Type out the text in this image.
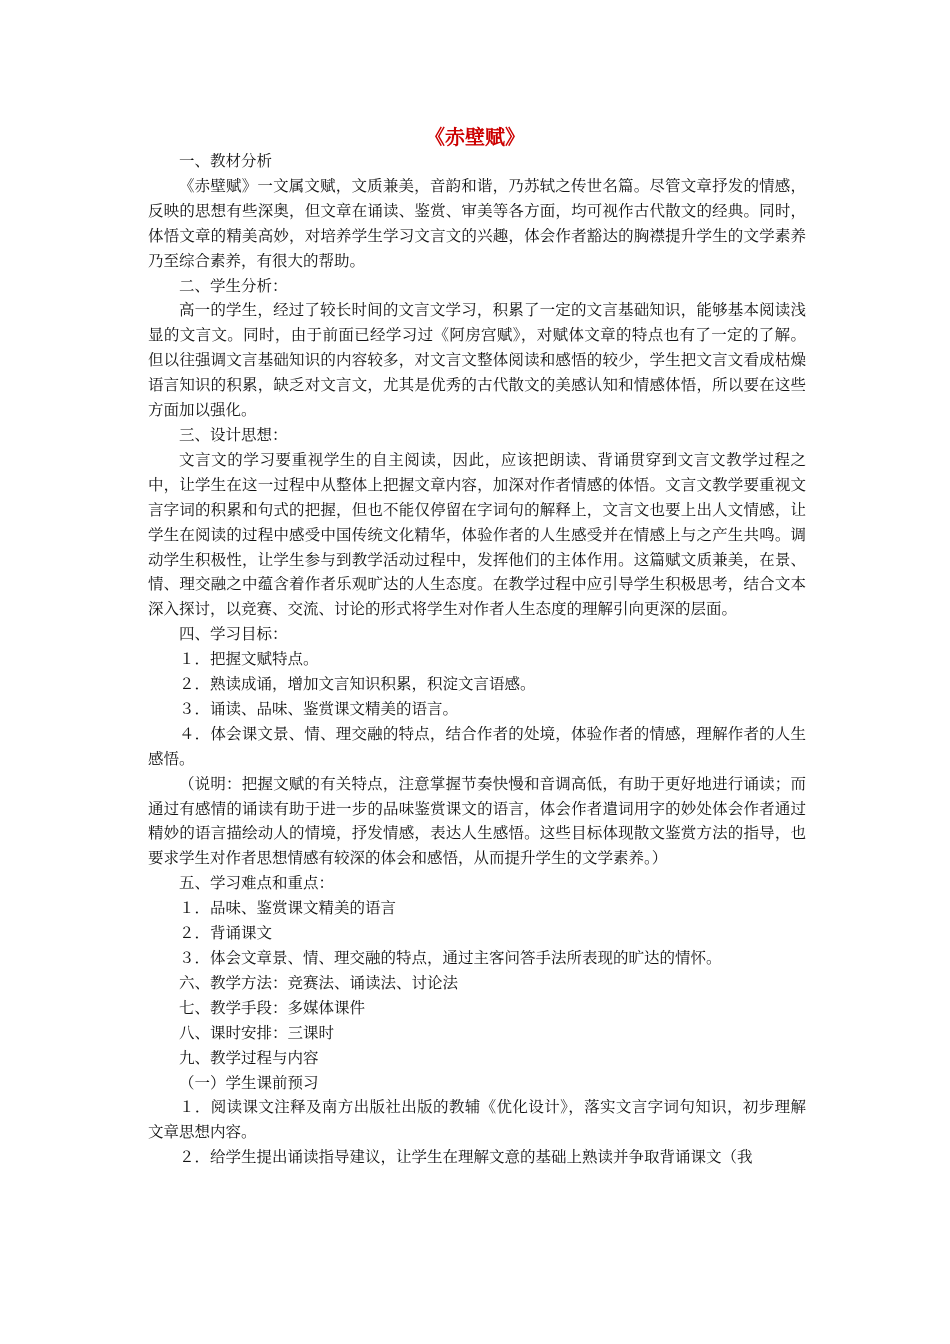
《赤壁赋》

一、教材分析

《赤壁赋》一文属文赋，文质兼美，音韵和谐，乃苏轼之传世名篇。尽管文章抒发的情感，反映的思想有些深奥，但文章在诵读、鉴赏、审美等各方面，均可视作古代散文的经典。同时，体悟文章的精美高妙，对培养学生学习文言文的兴趣，体会作者豁达的胸襟提升学生的文学素养乃至综合素养，有很大的帮助。

二、学生分析：

高一的学生，经过了较长时间的文言文学习，积累了一定的文言基础知识，能够基本阅读浅显的文言文。同时，由于前面已经学习过《阿房宫赋》，对赋体文章的特点也有了一定的了解。但以往强调文言基础知识的内容较多，对文言文整体阅读和感悟的较少，学生把文言文看成枯燥语言知识的积累，缺乏对文言文，尤其是优秀的古代散文的美感认知和情感体悟，所以要在这些方面加以强化。

三、设计思想：

文言文的学习要重视学生的自主阅读，因此，应该把朗读、背诵贯穿到文言文教学过程之中，让学生在这一过程中从整体上把握文章内容，加深对作者情感的体悟。文言文教学要重视文言字词的积累和句式的把握，但也不能仅停留在字词句的解释上，文言文也要上出人文情感，让学生在阅读的过程中感受中国传统文化精华，体验作者的人生感受并在情感上与之产生共鸣。调动学生积极性，让学生参与到教学活动过程中，发挥他们的主体作用。这篇赋文质兼美，在景、情、理交融之中蕴含着作者乐观旷达的人生态度。在教学过程中应引导学生积极思考，结合文本深入探讨，以竞赛、交流、讨论的形式将学生对作者人生态度的理解引向更深的层面。

四、学习目标：

１．把握文赋特点。

２．熟读成诵，增加文言知识积累，积淀文言语感。

３．诵读、品味、鉴赏课文精美的语言。

４．体会课文景、情、理交融的特点，结合作者的处境，体验作者的情感，理解作者的人生感悟。

（说明：把握文赋的有关特点，注意掌握节奏快慢和音调高低，有助于更好地进行诵读；而通过有感情的诵读有助于进一步的品味鉴赏课文的语言，体会作者遣词用字的妙处体会作者通过精妙的语言描绘动人的情境，抒发情感，表达人生感悟。这些目标体现散文鉴赏方法的指导，也要求学生对作者思想情感有较深的体会和感悟，从而提升学生的文学素养。）

五、学习难点和重点：

１．品味、鉴赏课文精美的语言

２．背诵课文

３．体会文章景、情、理交融的特点，通过主客问答手法所表现的旷达的情怀。

六、教学方法：竞赛法、诵读法、讨论法

七、教学手段：多媒体课件

八、课时安排：三课时

九、教学过程与内容

（一）学生课前预习

１．阅读课文注释及南方出版社出版的教辅《优化设计》，落实文言字词句知识，初步理解文章思想内容。

２．给学生提出诵读指导建议，让学生在理解文意的基础上熟读并争取背诵课文（我
